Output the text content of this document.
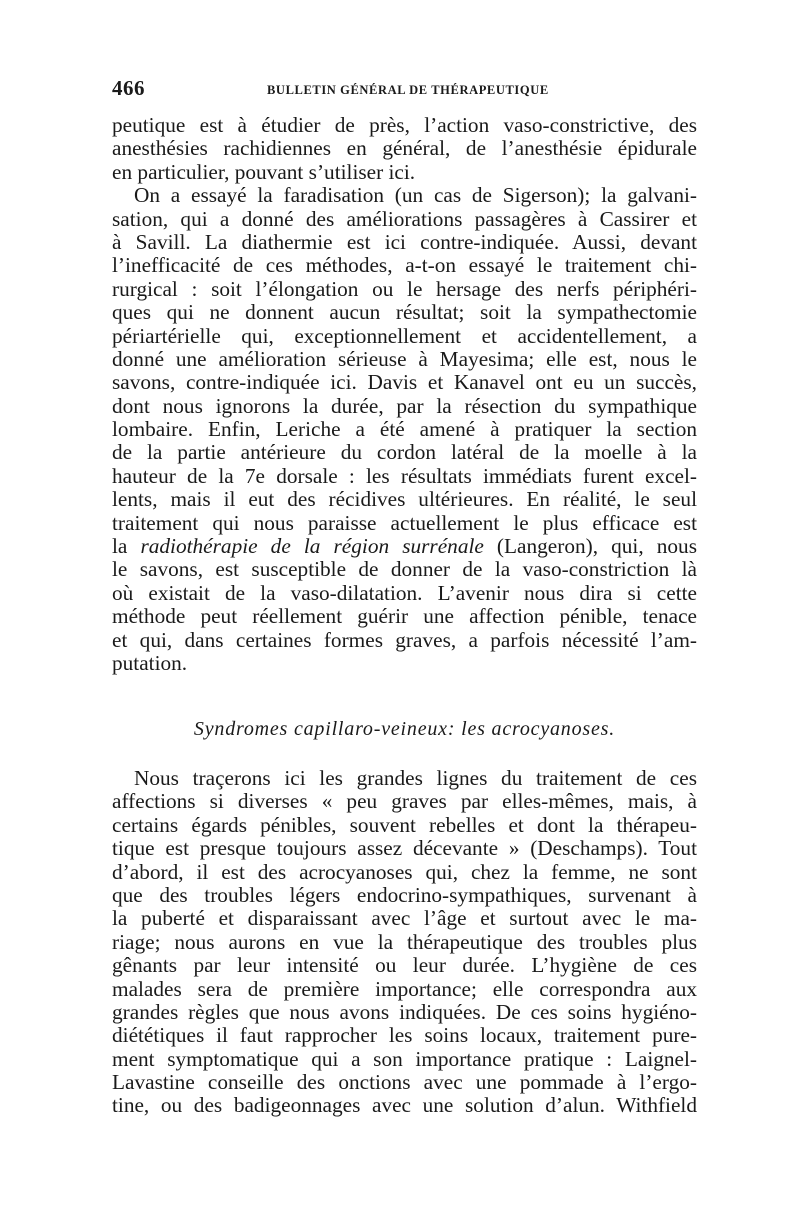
466	BULLETIN GÉNÉRAL DE THÉRAPEUTIQUE
peutique est à étudier de près, l’action vaso-constrictive, des
anesthésies rachidiennes en général, de l’anesthésie épidurale
en particulier, pouvant s’utiliser ici.
On a essayé la faradisation (un cas de Sigerson); la galvani-
sation, qui a donné des améliorations passagères à Cassirer et
à Savill. La diathermie est ici contre-indiquée. Aussi, devant
l’inefficacité de ces méthodes, a-t-on essayé le traitement chi-
rurgical : soit l’élongation ou le hersage des nerfs périphéri-
ques qui ne donnent aucun résultat; soit la sympathectomie
périartérielle qui, exceptionnellement et accidentellement, a
donné une amélioration sérieuse à Mayesima; elle est, nous le
savons, contre-indiquée ici. Davis et Kanavel ont eu un succès,
dont nous ignorons la durée, par la résection du sympathique
lombaire. Enfin, Leriche a été amené à pratiquer la section
de la partie antérieure du cordon latéral de la moelle à la
hauteur de la 7e dorsale : les résultats immédiats furent excel-
lents, mais il eut des récidives ultérieures. En réalité, le seul
traitement qui nous paraisse actuellement le plus efficace est
la radiothérapie de la région surrénale (Langeron), qui, nous
le savons, est susceptible de donner de la vaso-constriction là
où existait de la vaso-dilatation. L’avenir nous dira si cette
méthode peut réellement guérir une affection pénible, tenace
et qui, dans certaines formes graves, a parfois nécessité l’am-
putation.
Syndromes capillaro-veineux: les acrocyanoses.
Nous traçerons ici les grandes lignes du traitement de ces
affections si diverses « peu graves par elles-mêmes, mais, à
certains égards pénibles, souvent rebelles et dont la thérapeu-
tique est presque toujours assez décevante » (Deschamps). Tout
d’abord, il est des acrocyanoses qui, chez la femme, ne sont
que des troubles légers endocrino-sympathiques, survenant à
la puberté et disparaissant avec l’âge et surtout avec le ma-
riage; nous aurons en vue la thérapeutique des troubles plus
gênants par leur intensité ou leur durée. L’hygiène de ces
malades sera de première importance; elle correspondra aux
grandes règles que nous avons indiquées. De ces soins hygiéno-
diététiques il faut rapprocher les soins locaux, traitement pure-
ment symptomatique qui a son importance pratique : Laignel-
Lavastine conseille des onctions avec une pommade à l’ergo-
tine, ou des badigeonnages avec une solution d’alun. Withfield
